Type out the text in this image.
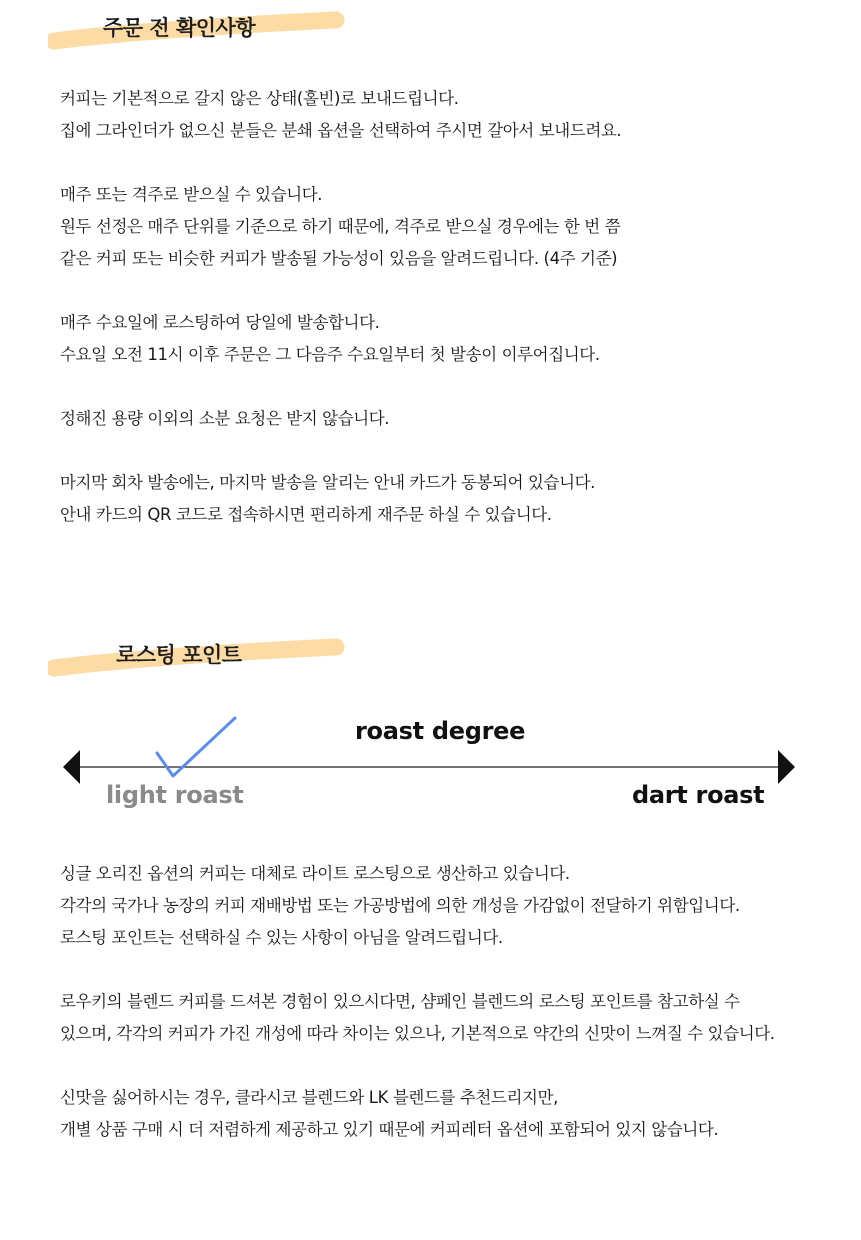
주문 전 확인사항
커피는 기본적으로 갈지 않은 상태(홀빈)로 보내드립니다.
집에 그라인더가 없으신 분들은 분쇄 옵션을 선택하여 주시면 갈아서 보내드려요.
매주 또는 격주로 받으실 수 있습니다.
원두 선정은 매주 단위를 기준으로 하기 때문에, 격주로 받으실 경우에는 한 번 쯤
같은 커피 또는 비슷한 커피가 발송될 가능성이 있음을 알려드립니다. (4주 기준)
매주 수요일에 로스팅하여 당일에 발송합니다.
수요일 오전 11시 이후 주문은 그 다음주 수요일부터 첫 발송이 이루어집니다.
정해진 용량 이외의 소분 요청은 받지 않습니다.
마지막 회차 발송에는, 마지막 발송을 알리는 안내 카드가 동봉되어 있습니다.
안내 카드의 QR 코드로 접속하시면 편리하게 재주문 하실 수 있습니다.
로스팅 포인트
roast degree
light roast	dart roast
싱글 오리진 옵션의 커피는 대체로 라이트 로스팅으로 생산하고 있습니다.
각각의 국가나 농장의 커피 재배방법 또는 가공방법에 의한 개성을 가감없이 전달하기 위함입니다.
로스팅 포인트는 선택하실 수 있는 사항이 아님을 알려드립니다.
로우키의 블렌드 커피를 드셔본 경험이 있으시다면, 샴페인 블렌드의 로스팅 포인트를 참고하실 수
있으며, 각각의 커피가 가진 개성에 따라 차이는 있으나, 기본적으로 약간의 신맛이 느껴질 수 있습니다.
신맛을 싫어하시는 경우, 클라시코 블렌드와 LK 블렌드를 추천드리지만,
개별 상품 구매 시 더 저렴하게 제공하고 있기 때문에 커피레터 옵션에 포함되어 있지 않습니다.
